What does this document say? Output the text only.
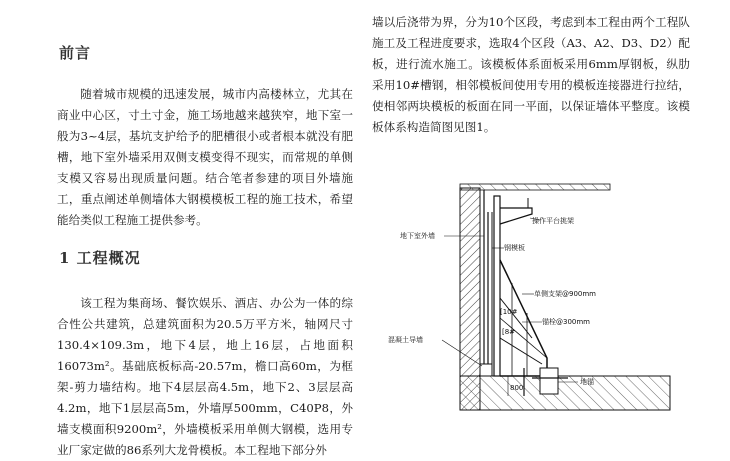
前言

随着城市规模的迅速发展，城市内高楼林立，尤其在商业中心区，寸土寸金，施工场地越来越狭窄，地下室一般为3~4层，基坑支护给予的肥槽很小或者根本就没有肥槽，地下室外墙采用双侧支模变得不现实，而常规的单侧支模又容易出现质量问题。结合笔者参建的项目外墙施工，重点阐述单侧墙体大钢模模板工程的施工技术，希望能给类似工程施工提供参考。

1 工程概况

该工程为集商场、餐饮娱乐、酒店、办公为一体的综合性公共建筑，总建筑面积为20.5万平方米，轴网尺寸130.4×109.3m，地下4层，地上16层，占地面积16073m²。基础底板标高-20.57m，檐口高60m，为框架-剪力墙结构。地下4层层高4.5m，地下2、3层层高4.2m，地下1层层高5m，外墙厚500mm，C40P8，外墙支模面积9200m²，外墙模板采用单侧大钢模，选用专业厂家定做的86系列大龙骨模板。本工程地下部分外

墙以后浇带为界，分为10个区段，考虑到本工程由两个工程队施工及工程进度要求，选取4个区段（A3、A2、D3、D2）配板，进行流水施工。该模板体系面板采用6mm厚钢板，纵肋采用10#槽钢，相邻模板间使用专用的模板连接器进行拉结，使相邻两块模板的板面在同一平面，以保证墙体平整度。该模板体系构造简图见图1。

操作平台挑架
地下室外墙
钢模板
单侧支架@900mm
[10#
锚栓@300mm
[8#
混凝土导墙
地锚
800
